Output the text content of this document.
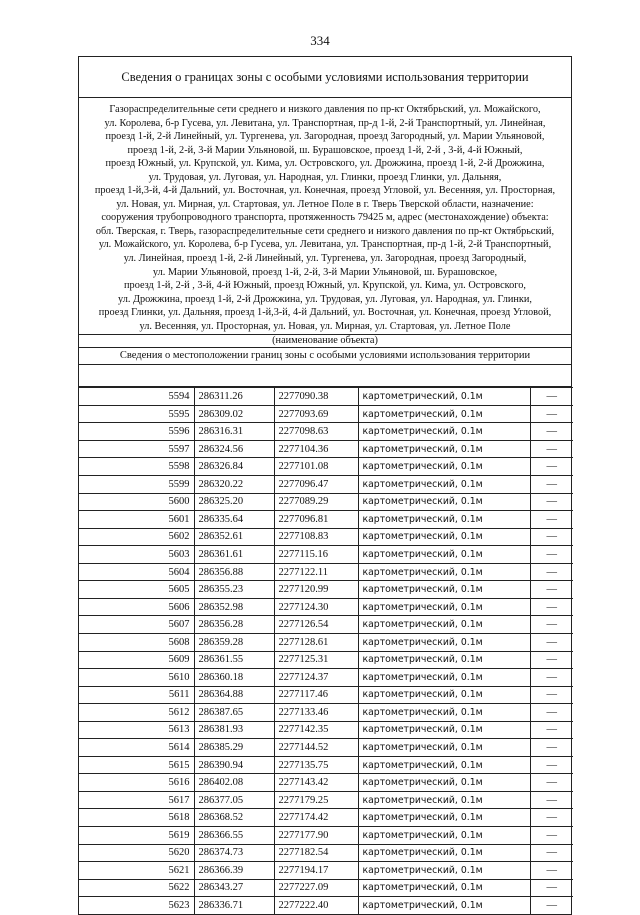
334
Сведения о границах зоны с особыми условиями использования территории
Газораспределительные сети среднего и низкого давления по пр-кт Октябрьский, ул. Можайского,
ул. Королева, б-р Гусева, ул. Левитана, ул. Транспортная, пр-д 1-й, 2-й Транспортный, ул. Линейная,
проезд 1-й, 2-й Линейный, ул. Тургенева, ул. Загородная, проезд Загородный, ул. Марии Ульяновой,
проезд 1-й, 2-й, 3-й Марии Ульяновой, ш. Бурашовское, проезд 1-й, 2-й , 3-й, 4-й Южный,
проезд Южный, ул. Крупской, ул. Кима, ул. Островского, ул. Дрожжина, проезд 1-й, 2-й Дрожжина,
ул. Трудовая, ул. Луговая, ул. Народная, ул. Глинки, проезд Глинки, ул. Дальняя,
проезд 1-й,3-й, 4-й Дальний, ул. Восточная, ул. Конечная, проезд Угловой, ул. Весенняя, ул. Просторная,
ул. Новая, ул. Мирная, ул. Стартовая, ул. Летное Поле в г. Тверь Тверской области, назначение:
сооружения трубопроводного транспорта, протяженность 79425 м, адрес (местонахождение) объекта:
обл. Тверская, г. Тверь, газораспределительные сети среднего и низкого давления по пр-кт Октябрьский,
ул. Можайского, ул. Королева, б-р Гусева, ул. Левитана, ул. Транспортная, пр-д 1-й, 2-й Транспортный,
ул. Линейная, проезд 1-й, 2-й Линейный, ул. Тургенева, ул. Загородная, проезд Загородный,
ул. Марии Ульяновой, проезд 1-й, 2-й, 3-й Марии Ульяновой, ш. Бурашовское,
проезд 1-й, 2-й , 3-й, 4-й Южный, проезд Южный, ул. Крупской, ул. Кима, ул. Островского,
ул. Дрожжина, проезд 1-й, 2-й Дрожжина, ул. Трудовая, ул. Луговая, ул. Народная, ул. Глинки,
проезд Глинки, ул. Дальняя, проезд 1-й,3-й, 4-й Дальний, ул. Восточная, ул. Конечная, проезд Угловой,
ул. Весенняя, ул. Просторная, ул. Новая, ул. Мирная, ул. Стартовая, ул. Летное Поле
(наименование объекта)
Сведения о местоположении границ зоны с особыми условиями использования территории
5594	286311.26	2277090.38	картометрический, 0.1м	—
5595	286309.02	2277093.69	картометрический, 0.1м	—
5596	286316.31	2277098.63	картометрический, 0.1м	—
5597	286324.56	2277104.36	картометрический, 0.1м	—
5598	286326.84	2277101.08	картометрический, 0.1м	—
5599	286320.22	2277096.47	картометрический, 0.1м	—
5600	286325.20	2277089.29	картометрический, 0.1м	—
5601	286335.64	2277096.81	картометрический, 0.1м	—
5602	286352.61	2277108.83	картометрический, 0.1м	—
5603	286361.61	2277115.16	картометрический, 0.1м	—
5604	286356.88	2277122.11	картометрический, 0.1м	—
5605	286355.23	2277120.99	картометрический, 0.1м	—
5606	286352.98	2277124.30	картометрический, 0.1м	—
5607	286356.28	2277126.54	картометрический, 0.1м	—
5608	286359.28	2277128.61	картометрический, 0.1м	—
5609	286361.55	2277125.31	картометрический, 0.1м	—
5610	286360.18	2277124.37	картометрический, 0.1м	—
5611	286364.88	2277117.46	картометрический, 0.1м	—
5612	286387.65	2277133.46	картометрический, 0.1м	—
5613	286381.93	2277142.35	картометрический, 0.1м	—
5614	286385.29	2277144.52	картометрический, 0.1м	—
5615	286390.94	2277135.75	картометрический, 0.1м	—
5616	286402.08	2277143.42	картометрический, 0.1м	—
5617	286377.05	2277179.25	картометрический, 0.1м	—
5618	286368.52	2277174.42	картометрический, 0.1м	—
5619	286366.55	2277177.90	картометрический, 0.1м	—
5620	286374.73	2277182.54	картометрический, 0.1м	—
5621	286366.39	2277194.17	картометрический, 0.1м	—
5622	286343.27	2277227.09	картометрический, 0.1м	—
5623	286336.71	2277222.40	картометрический, 0.1м	—
